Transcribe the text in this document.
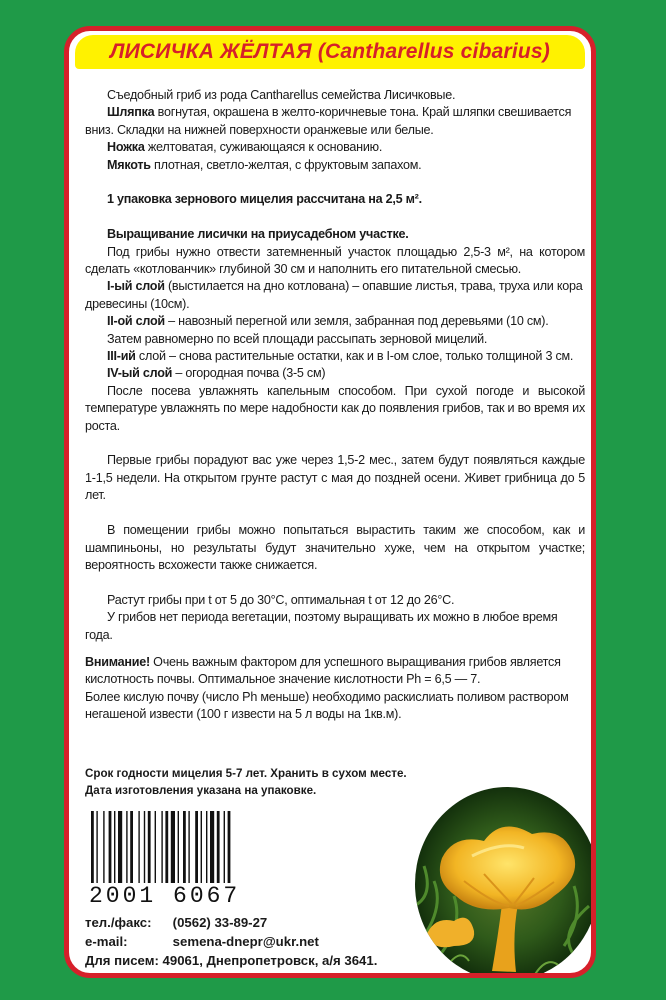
ЛИСИЧКА ЖЁЛТАЯ (Cantharellus cibarius)

Съедобный гриб из рода Cantharellus семейства Лисичковые.

Шляпка вогнутая, окрашена в желто-коричневые тона. Край шляпки свешивается вниз. Складки на нижней поверхности оранжевые или белые.

Ножка желтоватая, суживающаяся к основанию.

Мякоть плотная, светло-желтая, с фруктовым запахом.

1 упаковка зернового мицелия рассчитана на 2,5 м².

Выращивание лисички на приусадебном участке.

Под грибы нужно отвести затемненный участок площадью 2,5-3 м², на котором сделать «котлованчик» глубиной 30 см и наполнить его питательной смесью.

I-ый слой (выстилается на дно котлована) – опавшие листья, трава, труха или кора древесины (10см).

II-ой слой – навозный перегной или земля, забранная под деревьями (10 см).

Затем равномерно по всей площади рассыпать зерновой мицелий.

III-ий слой – снова растительные остатки, как и в I-ом слое, только толщиной 3 см.

IV-ый слой – огородная почва (3-5 см)

После посева увлажнять капельным способом. При сухой погоде и высокой температуре увлажнять по мере надобности как до появления грибов, так и во время их роста.

Первые грибы порадуют вас уже через 1,5-2 мес., затем будут появляться каждые 1-1,5 недели. На открытом грунте растут с мая до поздней осени. Живет грибница до 5 лет.

В помещении грибы можно попытаться вырастить таким же способом, как и шампиньоны, но результаты будут значительно хуже, чем на открытом участке; вероятность всхожести также снижается.

Растут грибы при t от 5 до 30°С, оптимальная t от 12 до 26°С.

У грибов нет периода вегетации, поэтому выращивать их можно в любое время года.

Внимание! Очень важным фактором для успешного выращивания грибов является кислотность почвы. Оптимальное значение кислотности Ph = 6,5 — 7.

Более кислую почву (число Ph меньше) необходимо раскислиать поливом раствором негашеной извести (100 г извести на 5 л воды на 1кв.м).

Срок годности мицелия 5-7 лет. Хранить в сухом месте.
Дата изготовления указана на упаковке.
2001 6067
тел./факс: (0562) 33-89-27
e-mail:	semena-dnepr@ukr.net
Для писем: 49061, Днепропетровск, а/я 3641.
